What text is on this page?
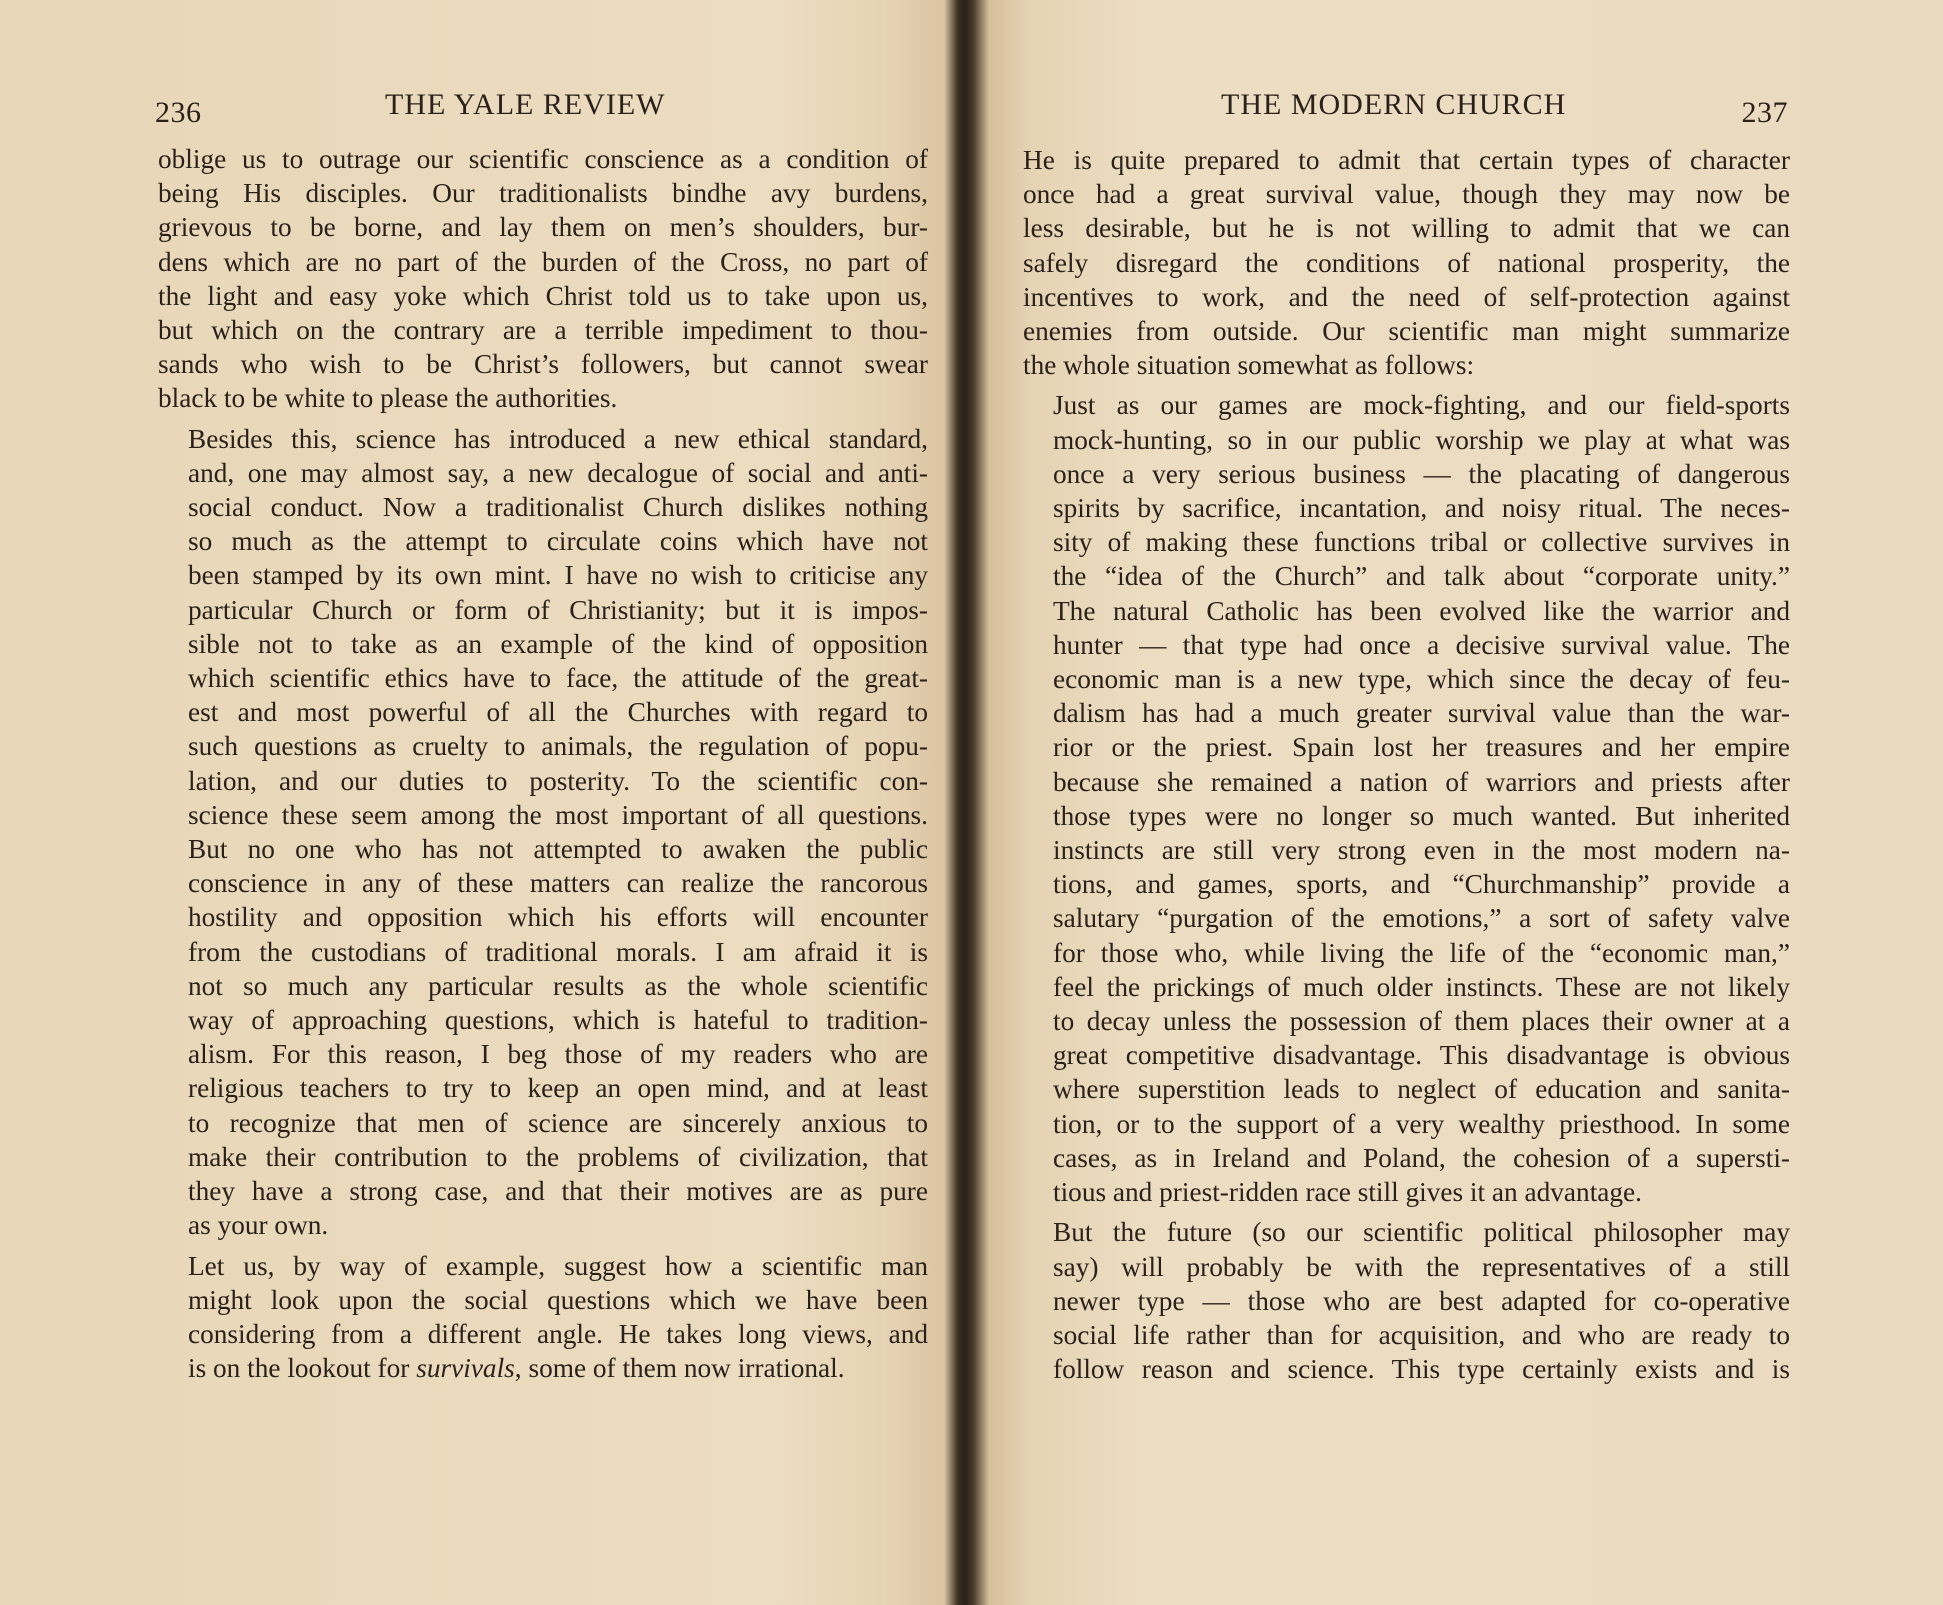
236	THE YALE REVIEW

oblige us to outrage our scientific conscience as a condition of
being His disciples. Our traditionalists bindhe avy burdens,
grievous to be borne, and lay them on men’s shoulders, bur-
dens which are no part of the burden of the Cross, no part of
the light and easy yoke which Christ told us to take upon us,
but which on the contrary are a terrible impediment to thou-
sands who wish to be Christ’s followers, but cannot swear
black to be white to please the authorities.

Besides this, science has introduced a new ethical standard,
and, one may almost say, a new decalogue of social and anti-
social conduct. Now a traditionalist Church dislikes nothing
so much as the attempt to circulate coins which have not
been stamped by its own mint. I have no wish to criticise any
particular Church or form of Christianity; but it is impos-
sible not to take as an example of the kind of opposition
which scientific ethics have to face, the attitude of the great-
est and most powerful of all the Churches with regard to
such questions as cruelty to animals, the regulation of popu-
lation, and our duties to posterity. To the scientific con-
science these seem among the most important of all questions.
But no one who has not attempted to awaken the public
conscience in any of these matters can realize the rancorous
hostility and opposition which his efforts will encounter
from the custodians of traditional morals. I am afraid it is
not so much any particular results as the whole scientific
way of approaching questions, which is hateful to tradition-
alism. For this reason, I beg those of my readers who are
religious teachers to try to keep an open mind, and at least
to recognize that men of science are sincerely anxious to
make their contribution to the problems of civilization, that
they have a strong case, and that their motives are as pure
as your own.

Let us, by way of example, suggest how a scientific man
might look upon the social questions which we have been
considering from a different angle. He takes long views, and
is on the lookout for survivals, some of them now irrational.

THE MODERN CHURCH	237

He is quite prepared to admit that certain types of character
once had a great survival value, though they may now be
less desirable, but he is not willing to admit that we can
safely disregard the conditions of national prosperity, the
incentives to work, and the need of self-protection against
enemies from outside. Our scientific man might summarize
the whole situation somewhat as follows:

Just as our games are mock-fighting, and our field-sports
mock-hunting, so in our public worship we play at what was
once a very serious business — the placating of dangerous
spirits by sacrifice, incantation, and noisy ritual. The neces-
sity of making these functions tribal or collective survives in
the “idea of the Church” and talk about “corporate unity.”
The natural Catholic has been evolved like the warrior and
hunter — that type had once a decisive survival value. The
economic man is a new type, which since the decay of feu-
dalism has had a much greater survival value than the war-
rior or the priest. Spain lost her treasures and her empire
because she remained a nation of warriors and priests after
those types were no longer so much wanted. But inherited
instincts are still very strong even in the most modern na-
tions, and games, sports, and “Churchmanship” provide a
salutary “purgation of the emotions,” a sort of safety valve
for those who, while living the life of the “economic man,”
feel the prickings of much older instincts. These are not likely
to decay unless the possession of them places their owner at a
great competitive disadvantage. This disadvantage is obvious
where superstition leads to neglect of education and sanita-
tion, or to the support of a very wealthy priesthood. In some
cases, as in Ireland and Poland, the cohesion of a supersti-
tious and priest-ridden race still gives it an advantage.

But the future (so our scientific political philosopher may
say) will probably be with the representatives of a still
newer type — those who are best adapted for co-operative
social life rather than for acquisition, and who are ready to
follow reason and science. This type certainly exists and is
